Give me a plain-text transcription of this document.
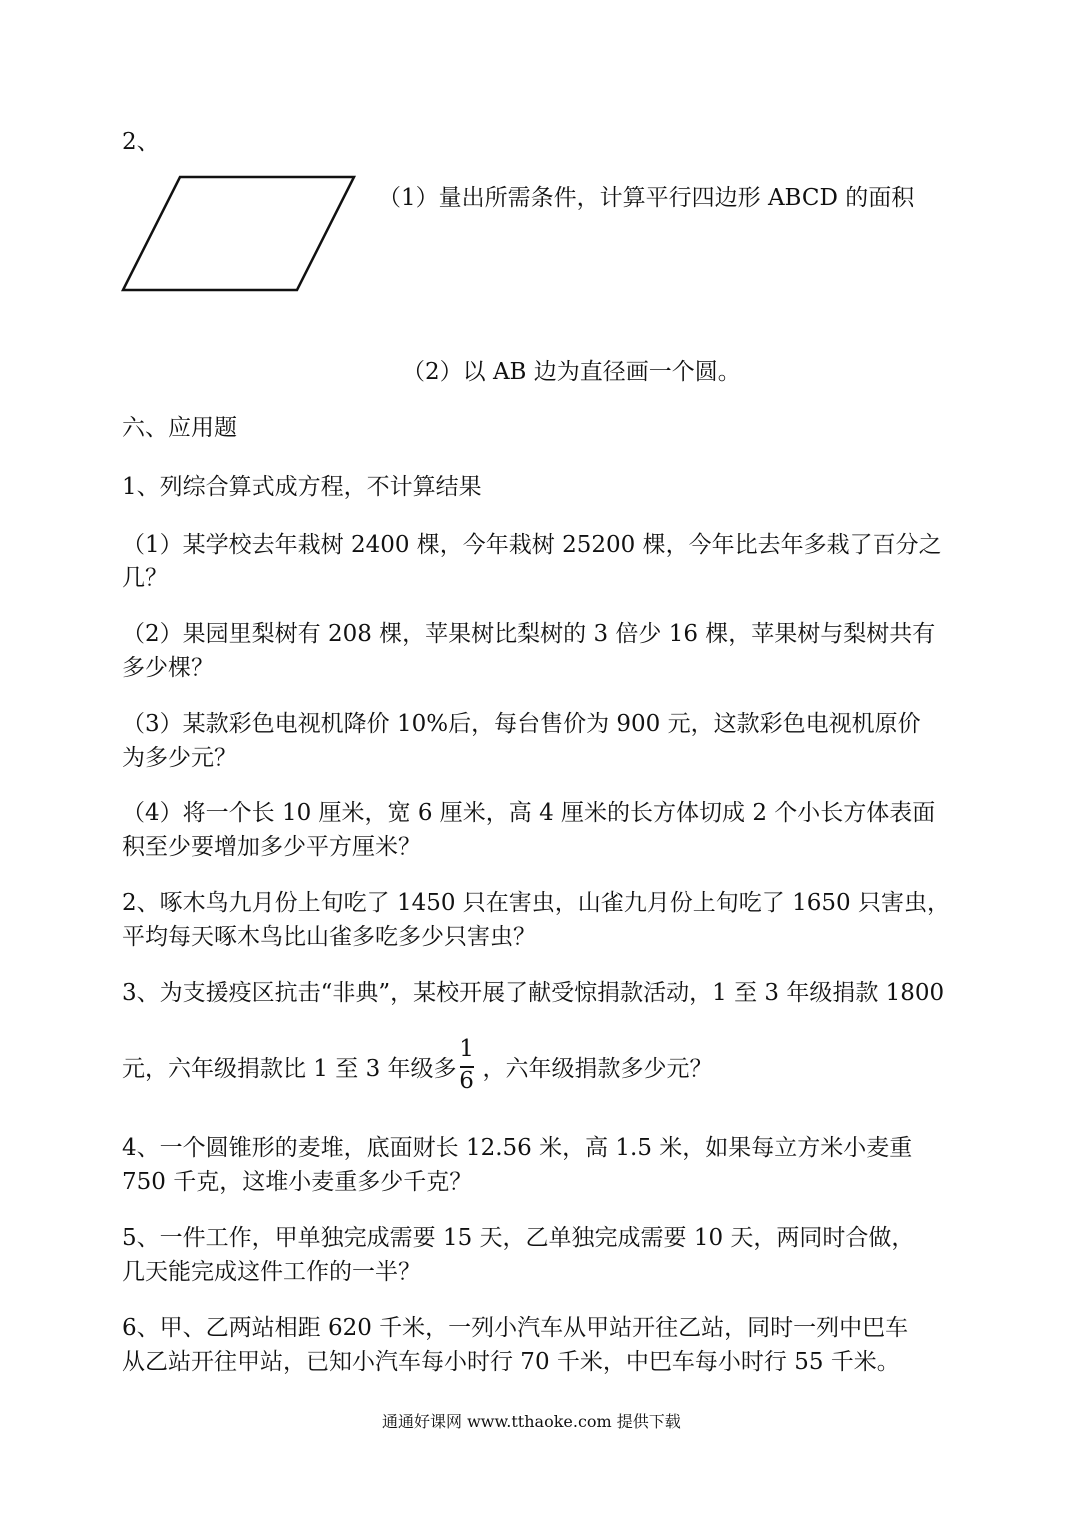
2、
（1）量出所需条件，计算平行四边形 ABCD 的面积
（2）以 AB 边为直径画一个圆。
六、应用题
1、列综合算式成方程，不计算结果
（1）某学校去年栽树 2400 棵，今年栽树 25200 棵，今年比去年多栽了百分之
几？
（2）果园里梨树有 208 棵，苹果树比梨树的 3 倍少 16 棵，苹果树与梨树共有
多少棵？
（3）某款彩色电视机降价 10%后，每台售价为 900 元，这款彩色电视机原价
为多少元？
（4）将一个长 10 厘米，宽 6 厘米，高 4 厘米的长方体切成 2 个小长方体表面
积至少要增加多少平方厘米？
2、啄木鸟九月份上旬吃了 1450 只在害虫，山雀九月份上旬吃了 1650 只害虫，
平均每天啄木鸟比山雀多吃多少只害虫？
3、为支援疫区抗击“非典”，某校开展了献受惊捐款活动，1 至 3 年级捐款 1800
元，六年级捐款比 1 至 3 年级多 $\frac{1}{6}$ ，六年级捐款多少元？
4、一个圆锥形的麦堆，底面财长 12.56 米，高 1.5 米，如果每立方米小麦重
750 千克，这堆小麦重多少千克？
5、一件工作，甲单独完成需要 15 天，乙单独完成需要 10 天，两同时合做，
几天能完成这件工作的一半？
6、甲、乙两站相距 620 千米，一列小汽车从甲站开往乙站，同时一列中巴车
从乙站开往甲站，已知小汽车每小时行 70 千米，中巴车每小时行 55 千米。
通通好课网 www.tthaoke.com 提供下载
